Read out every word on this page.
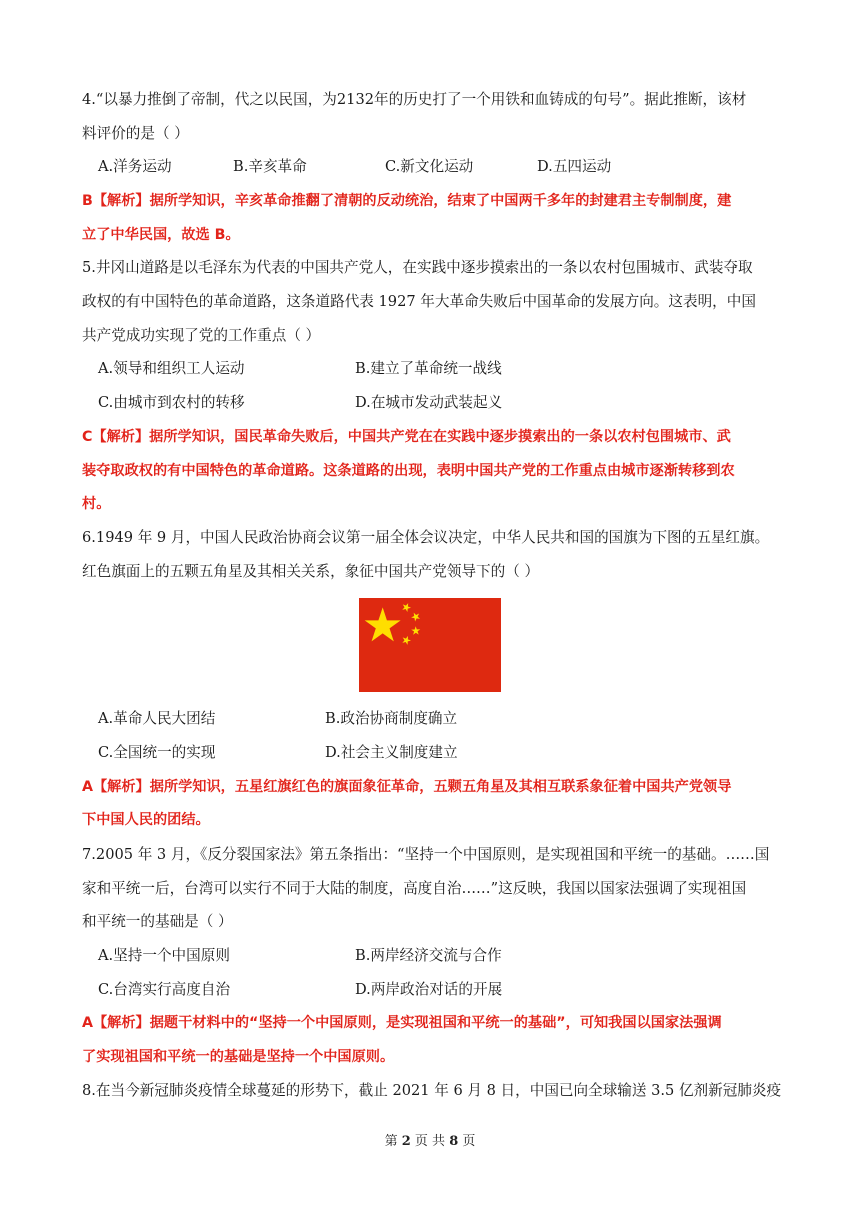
4.“以暴力推倒了帝制，代之以民国，为2132年的历史打了一个用铁和血铸成的句号”。据此推断，该材
料评价的是（ ）
A.洋务运动	B.辛亥革命	C.新文化运动	D.五四运动
B【解析】据所学知识，辛亥革命推翻了清朝的反动统治，结束了中国两千多年的封建君主专制制度，建
立了中华民国，故选 B。
5.井冈山道路是以毛泽东为代表的中国共产党人，在实践中逐步摸索出的一条以农村包围城市、武装夺取
政权的有中国特色的革命道路，这条道路代表 1927 年大革命失败后中国革命的发展方向。这表明，中国
共产党成功实现了党的工作重点（ ）
A.领导和组织工人运动	B.建立了革命统一战线
C.由城市到农村的转移	D.在城市发动武装起义
C【解析】据所学知识，国民革命失败后，中国共产党在在实践中逐步摸索出的一条以农村包围城市、武
装夺取政权的有中国特色的革命道路。这条道路的出现，表明中国共产党的工作重点由城市逐渐转移到农
村。
6.1949 年 9 月，中国人民政治协商会议第一届全体会议决定，中华人民共和国的国旗为下图的五星红旗。
红色旗面上的五颗五角星及其相关关系，象征中国共产党领导下的（ ）
A.革命人民大团结	B.政治协商制度确立
C.全国统一的实现	D.社会主义制度建立
A【解析】据所学知识，五星红旗红色的旗面象征革命，五颗五角星及其相互联系象征着中国共产党领导
下中国人民的团结。
7.2005 年 3 月，《反分裂国家法》第五条指出：“坚持一个中国原则，是实现祖国和平统一的基础。……国
家和平统一后，台湾可以实行不同于大陆的制度，高度自治……”这反映，我国以国家法强调了实现祖国
和平统一的基础是（ ）
A.坚持一个中国原则	B.两岸经济交流与合作
C.台湾实行高度自治	D.两岸政治对话的开展
A【解析】据题干材料中的“坚持一个中国原则，是实现祖国和平统一的基础”，可知我国以国家法强调
了实现祖国和平统一的基础是坚持一个中国原则。
8.在当今新冠肺炎疫情全球蔓延的形势下，截止 2021 年 6 月 8 日，中国已向全球输送 3.5 亿剂新冠肺炎疫
第 2 页 共 8 页
